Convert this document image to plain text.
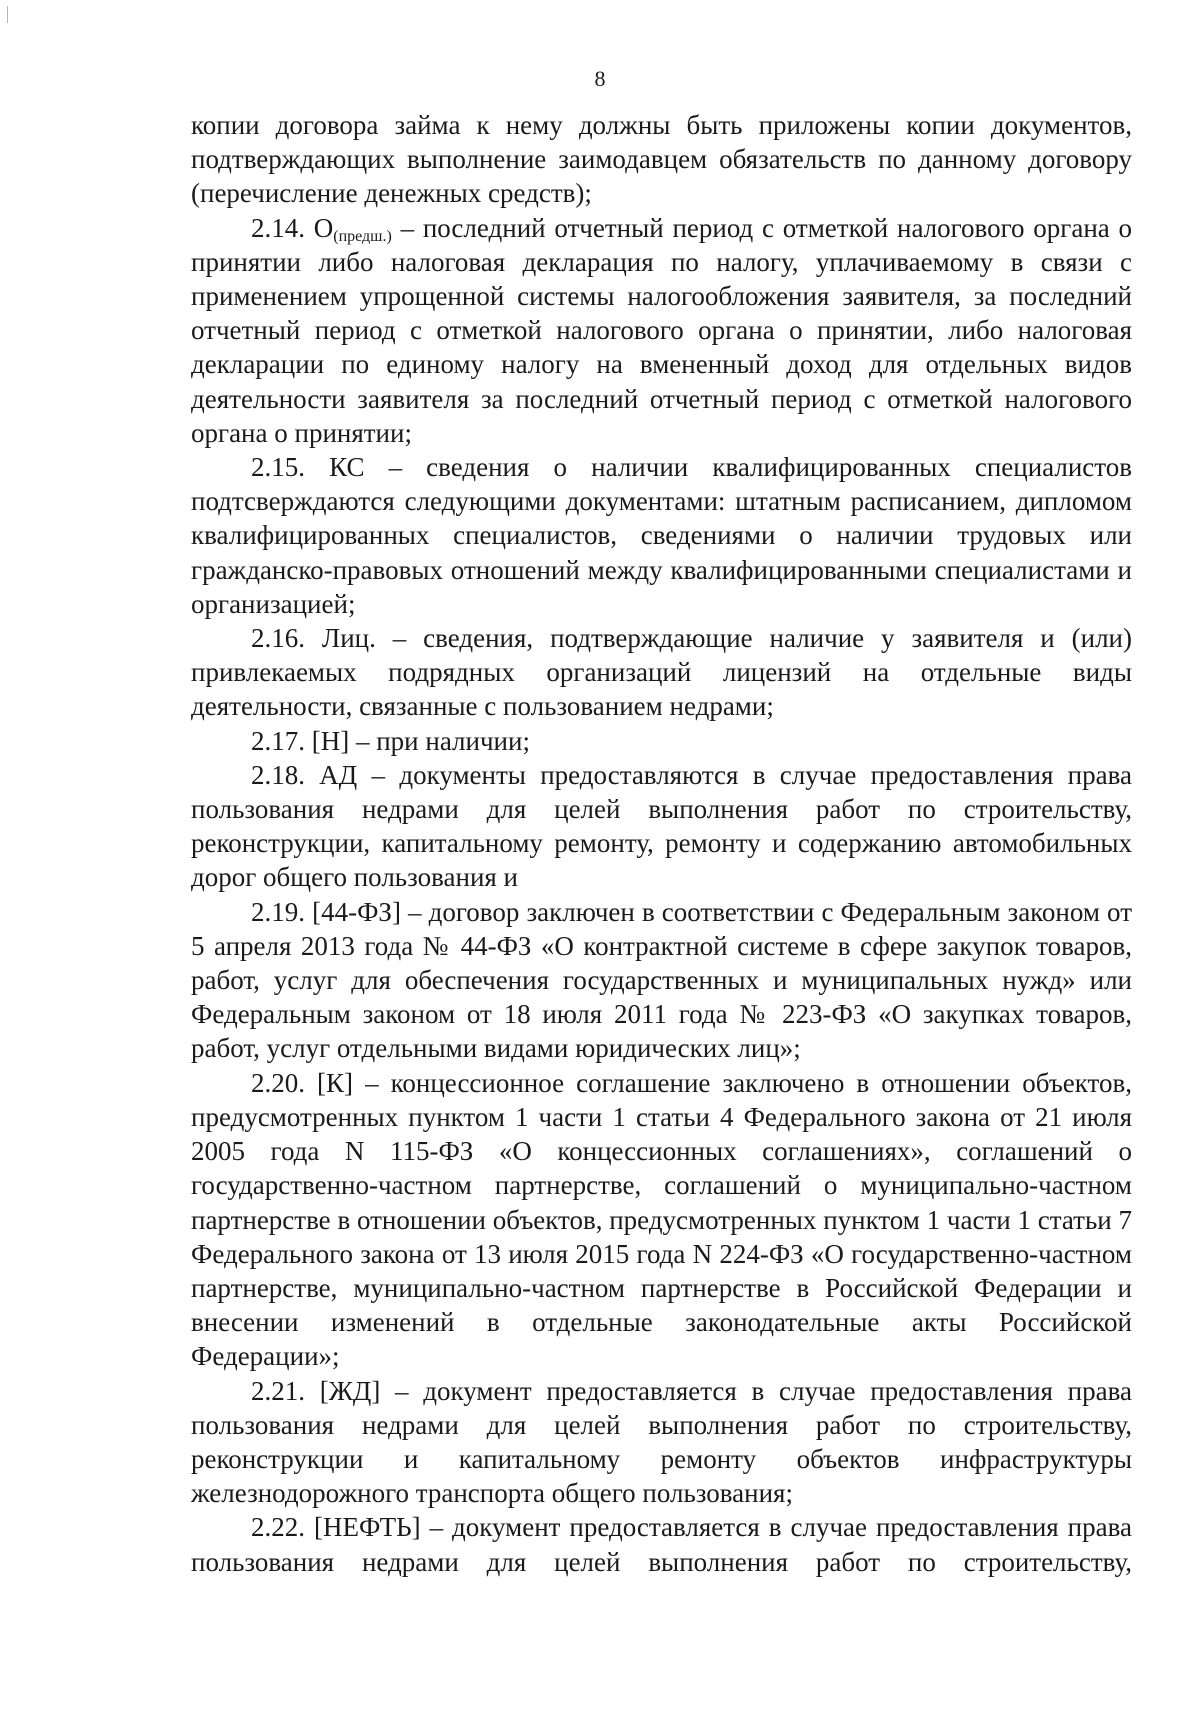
8

копии договора займа к нему должны быть приложены копии документов, подтверждающих выполнение заимодавцем обязательств по данному договору (перечисление денежных средств);

2.14. $О_{(предш.)}$ – последний отчетный период с отметкой налогового органа о принятии либо налоговая декларация по налогу, уплачиваемому в связи с применением упрощенной системы налогообложения заявителя, за последний отчетный период с отметкой налогового органа о принятии, либо налоговая декларации по единому налогу на вмененный доход для отдельных видов деятельности заявителя за последний отчетный период с отметкой налогового органа о принятии;

2.15. КС – сведения о наличии квалифицированных специалистов подтсверждаются следующими документами: штатным расписанием, дипломом квалифицированных специалистов, сведениями о наличии трудовых или гражданско-правовых отношений между квалифицированными специалистами и организацией;

2.16. Лиц. – сведения, подтверждающие наличие у заявителя и (или) привлекаемых подрядных организаций лицензий на отдельные виды деятельности, связанные с пользованием недрами;

2.17. [Н] – при наличии;

2.18. АД – документы предоставляются в случае предоставления права пользования недрами для целей выполнения работ по строительству, реконструкции, капитальному ремонту, ремонту и содержанию автомобильных дорог общего пользования и

2.19. [44-ФЗ] – договор заключен в соответствии с Федеральным законом от 5 апреля 2013 года № 44-ФЗ «О контрактной системе в сфере закупок товаров, работ, услуг для обеспечения государственных и муниципальных нужд» или Федеральным законом от 18 июля 2011 года № 223-ФЗ «О закупках товаров, работ, услуг отдельными видами юридических лиц»;

2.20. [К] – концессионное соглашение заключено в отношении объектов, предусмотренных пунктом 1 части 1 статьи 4 Федерального закона от 21 июля 2005 года N 115-ФЗ «О концессионных соглашениях», соглашений о государственно-частном партнерстве, соглашений о муниципально-частном партнерстве в отношении объектов, предусмотренных пунктом 1 части 1 статьи 7 Федерального закона от 13 июля 2015 года N 224-ФЗ «О государственно-частном партнерстве, муниципально-частном партнерстве в Российской Федерации и внесении изменений в отдельные законодательные акты Российской Федерации»;

2.21. [ЖД] – документ предоставляется в случае предоставления права пользования недрами для целей выполнения работ по строительству, реконструкции и капитальному ремонту объектов инфраструктуры железнодорожного транспорта общего пользования;

2.22. [НЕФТЬ] – документ предоставляется в случае предоставления права пользования недрами для целей выполнения работ по строительству,
